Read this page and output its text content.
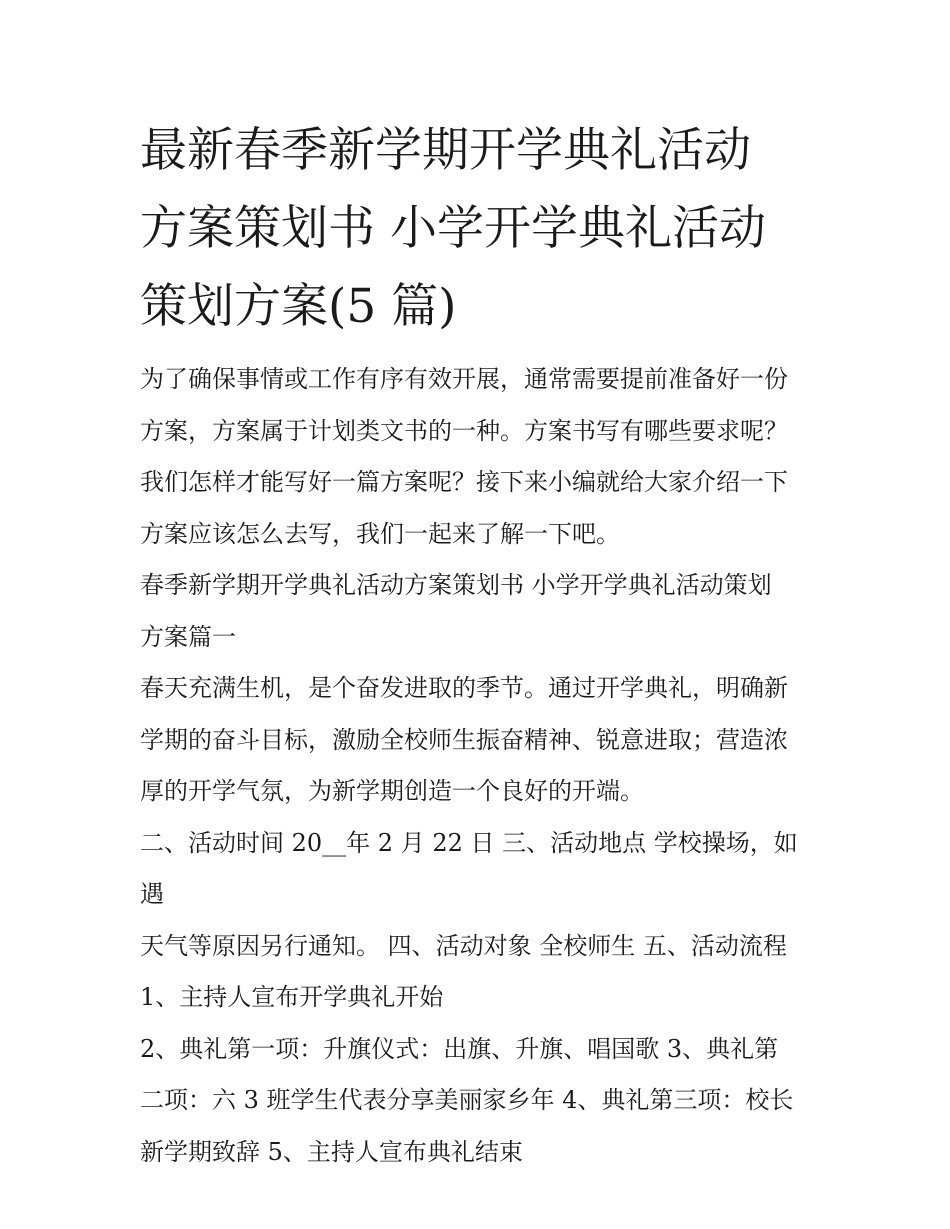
最新春季新学期开学典礼活动
方案策划书 小学开学典礼活动
策划方案(5 篇)
为了确保事情或工作有序有效开展，通常需要提前准备好一份
方案，方案属于计划类文书的一种。方案书写有哪些要求呢？
我们怎样才能写好一篇方案呢？接下来小编就给大家介绍一下
方案应该怎么去写，我们一起来了解一下吧。
春季新学期开学典礼活动方案策划书 小学开学典礼活动策划
方案篇一
春天充满生机，是个奋发进取的季节。通过开学典礼，明确新
学期的奋斗目标，激励全校师生振奋精神、锐意进取；营造浓
厚的开学气氛，为新学期创造一个良好的开端。
二、活动时间 20__年 2 月 22 日 三、活动地点 学校操场，如遇
天气等原因另行通知。 四、活动对象 全校师生 五、活动流程
1、主持人宣布开学典礼开始
2、典礼第一项：升旗仪式：出旗、升旗、唱国歌 3、典礼第
二项：六 3 班学生代表分享美丽家乡年 4、典礼第三项：校长
新学期致辞 5、主持人宣布典礼结束
